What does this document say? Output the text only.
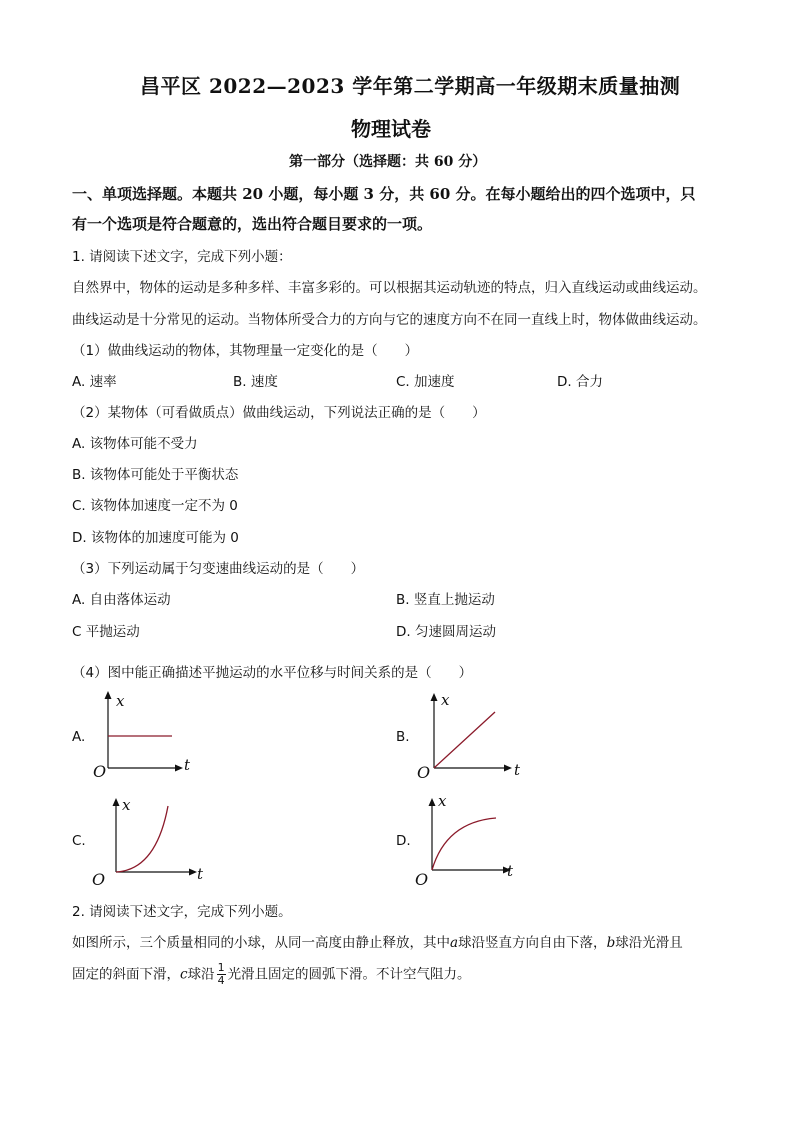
昌平区 2022—2023 学年第二学期高一年级期末质量抽测
物理试卷
第一部分（选择题：共 60 分）
一、单项选择题。本题共 20 小题，每小题 3 分，共 60 分。在每小题给出的四个选项中，只
有一个选项是符合题意的，选出符合题目要求的一项。
1. 请阅读下述文字，完成下列小题：
自然界中，物体的运动是多种多样、丰富多彩的。可以根据其运动轨迹的特点，归入直线运动或曲线运动。
曲线运动是十分常见的运动。当物体所受合力的方向与它的速度方向不在同一直线上时，物体做曲线运动。
（1）做曲线运动的物体，其物理量一定变化的是（　　）
A. 速率	B. 速度	C. 加速度	D. 合力
（2）某物体（可看做质点）做曲线运动，下列说法正确的是（　　）
A. 该物体可能不受力
B. 该物体可能处于平衡状态
C. 该物体加速度一定不为 0
D. 该物体的加速度可能为 0
（3）下列运动属于匀变速曲线运动的是（　　）
A. 自由落体运动	B. 竖直上抛运动
C 平抛运动	D. 匀速圆周运动
（4）图中能正确描述平抛运动的水平位移与时间关系的是（　　）
A.
x
t
O
B.
x
t
O
C.
x
t
O
D.
x
t
O
2. 请阅读下述文字，完成下列小题。
如图所示，三个质量相同的小球，从同一高度由静止释放，其中a球沿竖直方向自由下落，b球沿光滑且
固定的斜面下滑，c球沿 $\frac{1}{4}$ 光滑且固定的圆弧下滑。不计空气阻力。
